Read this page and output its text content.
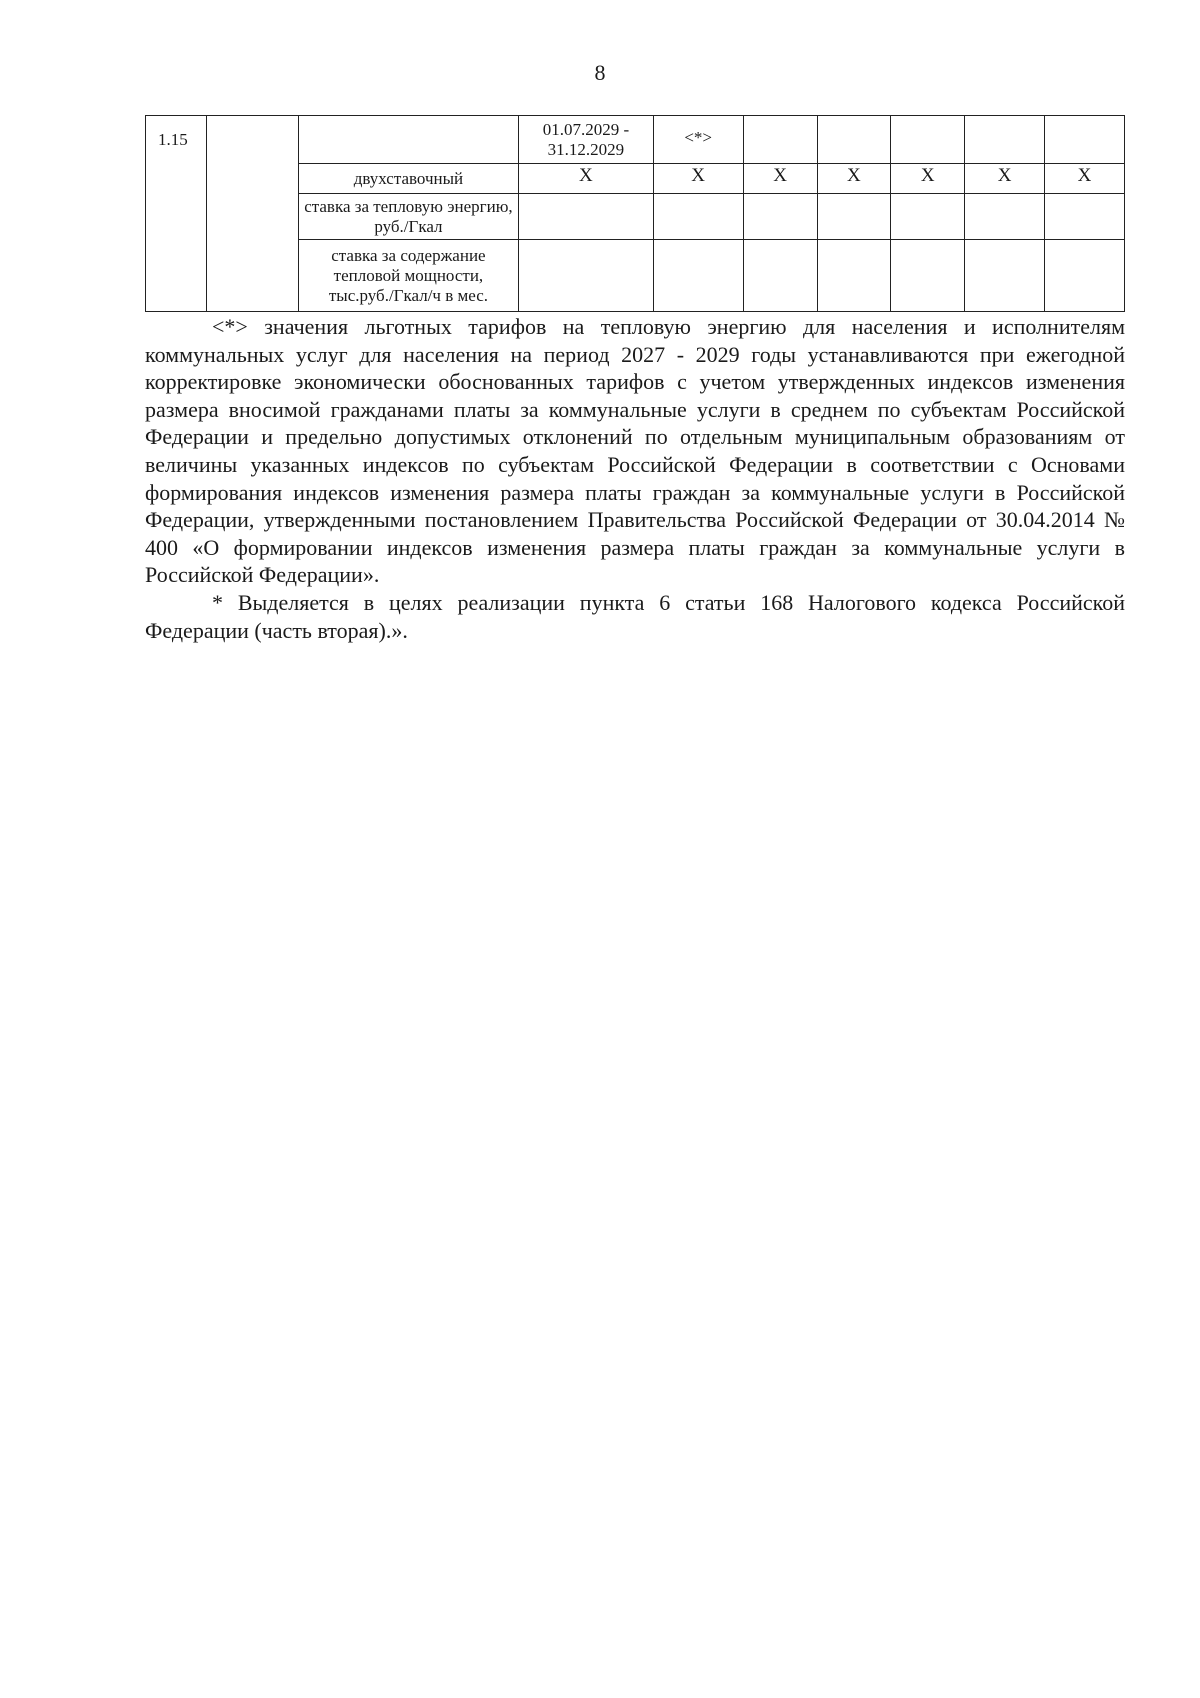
8
1.15			01.07.2029 - 31.12.2029	<*>					
		двухставочный	Х	Х	Х	Х	Х	Х	Х
		ставка за тепловую энергию, руб./Гкал							
		ставка за содержание тепловой мощности, тыс.руб./Гкал/ч в мес.							

<*> значения льготных тарифов на тепловую энергию для населения и исполнителям коммунальных услуг для населения на период 2027 - 2029 годы устанавливаются при ежегодной корректировке экономически обоснованных тарифов с учетом утвержденных индексов изменения размера вносимой гражданами платы за коммунальные услуги в среднем по субъектам Российской Федерации и предельно допустимых отклонений по отдельным муниципальным образованиям от величины указанных индексов по субъектам Российской Федерации в соответствии с Основами формирования индексов изменения размера платы граждан за коммунальные услуги в Российской Федерации, утвержденными постановлением Правительства Российской Федерации от 30.04.2014 № 400 «О формировании индексов изменения размера платы граждан за коммунальные услуги в Российской Федерации».

* Выделяется в целях реализации пункта 6 статьи 168 Налогового кодекса Российской Федерации (часть вторая).».
